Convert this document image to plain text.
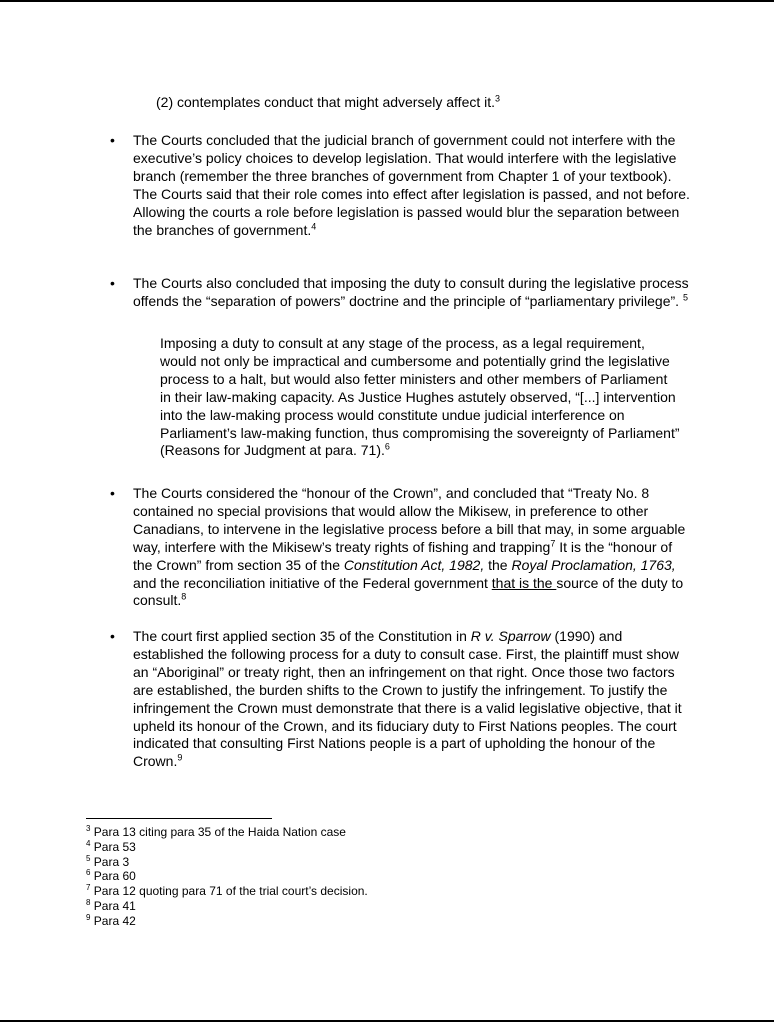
(2) contemplates conduct that might adversely affect it.$^3$

• The Courts concluded that the judicial branch of government could not interfere with the executive’s policy choices to develop legislation. That would interfere with the legislative branch (remember the three branches of government from Chapter 1 of your textbook). The Courts said that their role comes into effect after legislation is passed, and not before. Allowing the courts a role before legislation is passed would blur the separation between the branches of government.$^4$

• The Courts also concluded that imposing the duty to consult during the legislative process offends the “separation of powers” doctrine and the principle of “parliamentary privilege”. $^5$

Imposing a duty to consult at any stage of the process, as a legal requirement, would not only be impractical and cumbersome and potentially grind the legislative process to a halt, but would also fetter ministers and other members of Parliament in their law-making capacity. As Justice Hughes astutely observed, “[...] intervention into the law-making process would constitute undue judicial interference on Parliament’s law-making function, thus compromising the sovereignty of Parliament” (Reasons for Judgment at para. 71).$^6$

• The Courts considered the “honour of the Crown”, and concluded that “Treaty No. 8 contained no special provisions that would allow the Mikisew, in preference to other Canadians, to intervene in the legislative process before a bill that may, in some arguable way, interfere with the Mikisew’s treaty rights of fishing and trapping$^7$ It is the “honour of the Crown” from section 35 of the Constitution Act, 1982, the Royal Proclamation, 1763, and the reconciliation initiative of the Federal government that is the source of the duty to consult.$^8$

• The court first applied section 35 of the Constitution in R v. Sparrow (1990) and established the following process for a duty to consult case. First, the plaintiff must show an “Aboriginal” or treaty right, then an infringement on that right. Once those two factors are established, the burden shifts to the Crown to justify the infringement. To justify the infringement the Crown must demonstrate that there is a valid legislative objective, that it upheld its honour of the Crown, and its fiduciary duty to First Nations peoples. The court indicated that consulting First Nations people is a part of upholding the honour of the Crown.$^9$

$^3$ Para 13 citing para 35 of the Haida Nation case
$^4$ Para 53
$^5$ Para 3
$^6$ Para 60
$^7$ Para 12 quoting para 71 of the trial court’s decision.
$^8$ Para 41
$^9$ Para 42
